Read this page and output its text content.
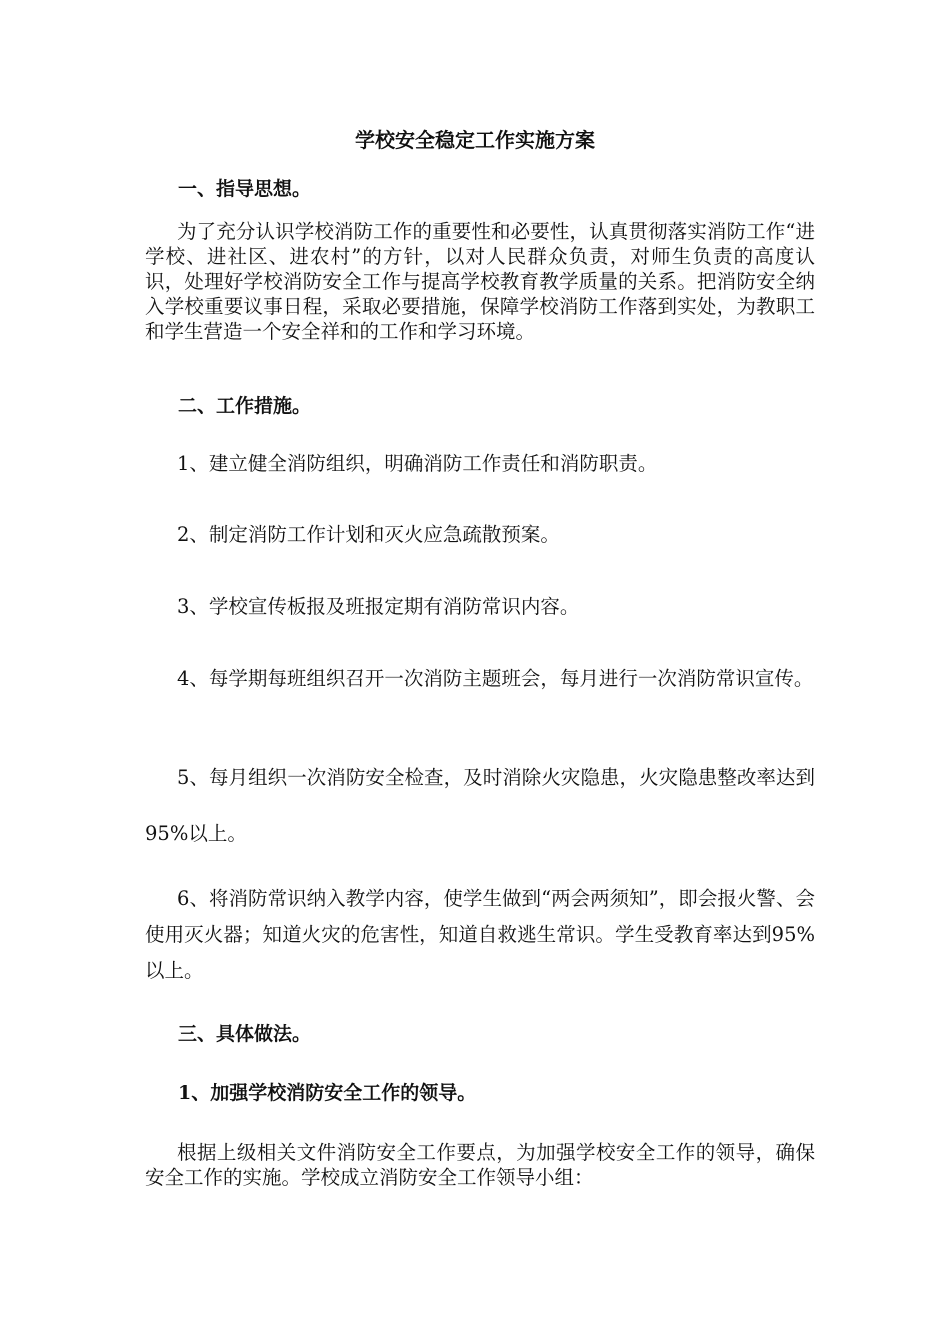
学校安全稳定工作实施方案
一、指导思想。

为了充分认识学校消防工作的重要性和必要性，认真贯彻落实消防工作“进学校、进社区、进农村”的方针，以对人民群众负责，对师生负责的高度认识，处理好学校消防安全工作与提高学校教育教学质量的关系。把消防安全纳入学校重要议事日程，采取必要措施，保障学校消防工作落到实处，为教职工和学生营造一个安全祥和的工作和学习环境。

二、工作措施。

1、建立健全消防组织，明确消防工作责任和消防职责。

2、制定消防工作计划和灭火应急疏散预案。

3、学校宣传板报及班报定期有消防常识内容。

4、每学期每班组织召开一次消防主题班会，每月进行一次消防常识宣传。

5、每月组织一次消防安全检查，及时消除火灾隐患，火灾隐患整改率达到95%以上。

6、将消防常识纳入教学内容，使学生做到“两会两须知”，即会报火警、会使用灭火器；知道火灾的危害性，知道自救逃生常识。学生受教育率达到95%以上。

三、具体做法。
1、加强学校消防安全工作的领导。

根据上级相关文件消防安全工作要点，为加强学校安全工作的领导，确保安全工作的实施。学校成立消防安全工作领导小组：
